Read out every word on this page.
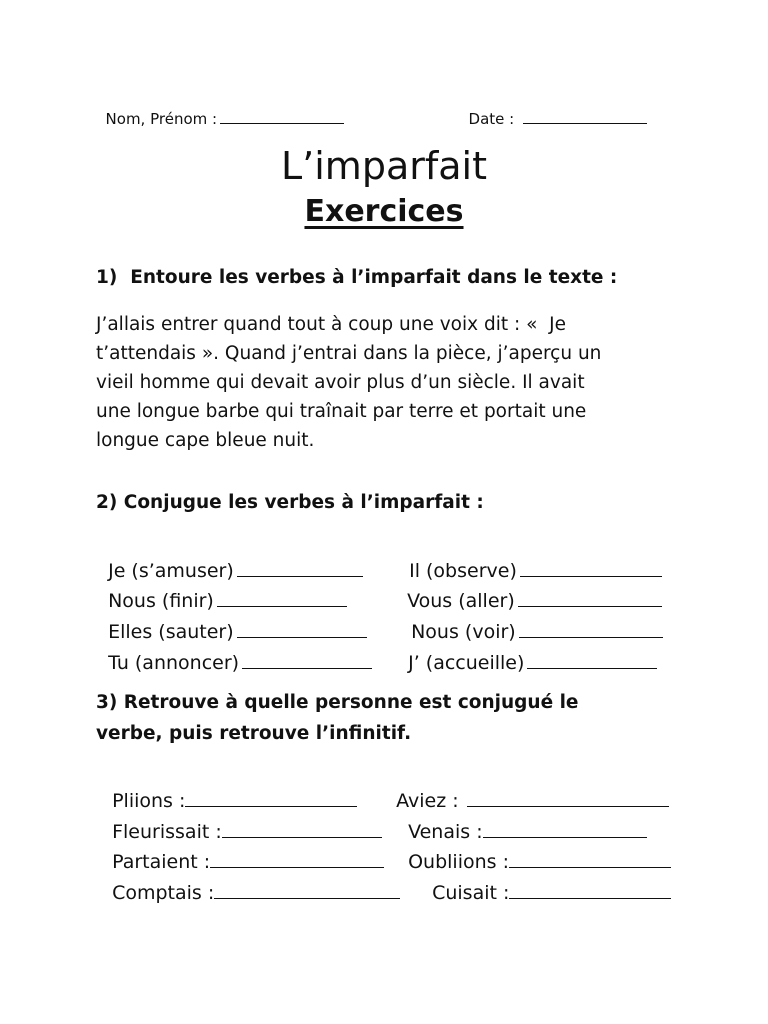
Nom, Prénom :	Date :

L’imparfait
Exercices
1)  Entoure les verbes à l’imparfait dans le texte :
J’allais entrer quand tout à coup une voix dit : «  Je
t’attendais ». Quand j’entrai dans la pièce, j’aperçu un
vieil homme qui devait avoir plus d’un siècle. Il avait
une longue barbe qui traînait par terre et portait une
longue cape bleue nuit.
2) Conjugue les verbes à l’imparfait :

Je (s’amuser)	Il (observe)

Nous (finir)	Vous (aller)

Elles (sauter)	Nous (voir)

Tu (annoncer)	J’ (accueille)

3) Retrouve à quelle personne est conjugué le
verbe, puis retrouve l’infinitif.

Pliions :	Aviez :

Fleurissait :	Venais :

Partaient :	Oubliions :

Comptais :	Cuisait :
